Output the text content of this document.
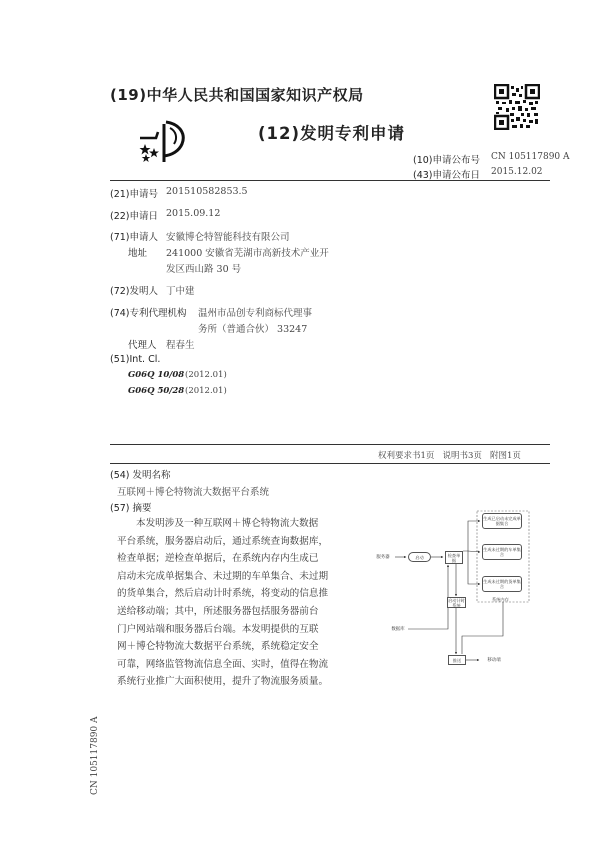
(19)中华人民共和国国家知识产权局
(12)发明专利申请
(10)申请公布号 CN 105117890 A
(43)申请公布日 2015.12.02
(21)申请号 201510582853.5
(22)申请日 2015.09.12
(71)申请人 安徽博仑特智能科技有限公司
地址 241000 安徽省芜湖市高新技术产业开
发区西山路 30 号
(72)发明人 丁中建
(74)专利代理机构 温州市品创专利商标代理事
务所（普通合伙） 33247
代理人 程春生
(51)Int. Cl.
G06Q 10/08 (2012.01)
G06Q 50/28 (2012.01)
权利要求书1页   说明书3页   附图1页
(54) 发明名称
互联网＋博仑特物流大数据平台系统
(57) 摘要
本发明涉及一种互联网＋博仑特物流大数据
平台系统，服务器启动后，通过系统查询数据库，
检查单据；逆检查单据后，在系统内存内生成已
启动未完成单据集合、未过期的车单集合、未过期
的货单集合，然后启动计时系统，将变动的信息推
送给移动端；其中，所述服务器包括服务器前台
门户网站端和服务器后台端。本发明提供的互联
网＋博仑特物流大数据平台系统，系统稳定安全
可靠，网络监管物流信息全面、实时，值得在物流
系统行业推广大面积使用，提升了物流服务质量。
服务器	启动	检查单据
生成已启动未完成单据集合
生成未过期的车单集合
生成未过期的货单集合
系统内存
数据库
启动计时系统
推送	移动端
CN 105117890 A
